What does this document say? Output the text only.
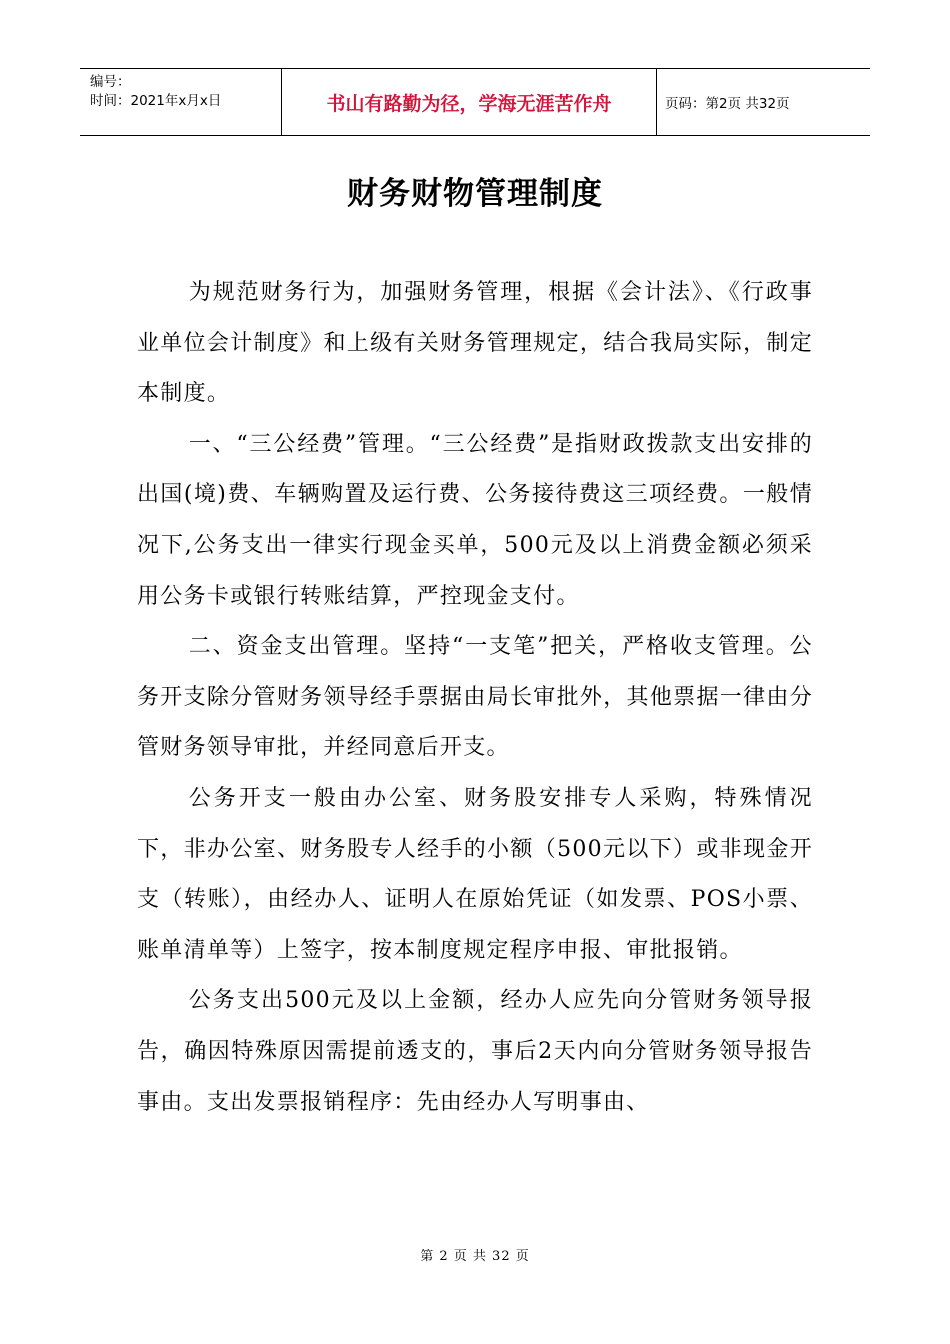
编号：
时间：2021年x月x日	书山有路勤为径，学海无涯苦作舟	页码：第2页 共32页
财务财物管理制度

为规范财务行为，加强财务管理，根据《会计法》、《行政事业单位会计制度》和上级有关财务管理规定，结合我局实际，制定本制度。

一、“三公经费”管理。“三公经费”是指财政拨款支出安排的出国(境)费、车辆购置及运行费、公务接待费这三项经费。一般情况下,公务支出一律实行现金买单，500元及以上消费金额必须采用公务卡或银行转账结算，严控现金支付。

二、资金支出管理。坚持“一支笔”把关，严格收支管理。公务开支除分管财务领导经手票据由局长审批外，其他票据一律由分管财务领导审批，并经同意后开支。

公务开支一般由办公室、财务股安排专人采购，特殊情况下，非办公室、财务股专人经手的小额（500元以下）或非现金开支（转账），由经办人、证明人在原始凭证（如发票、POS小票、账单清单等）上签字，按本制度规定程序申报、审批报销。

公务支出500元及以上金额，经办人应先向分管财务领导报告，确因特殊原因需提前透支的，事后2天内向分管财务领导报告事由。支出发票报销程序：先由经办人写明事由、

第 2 页 共 32 页
